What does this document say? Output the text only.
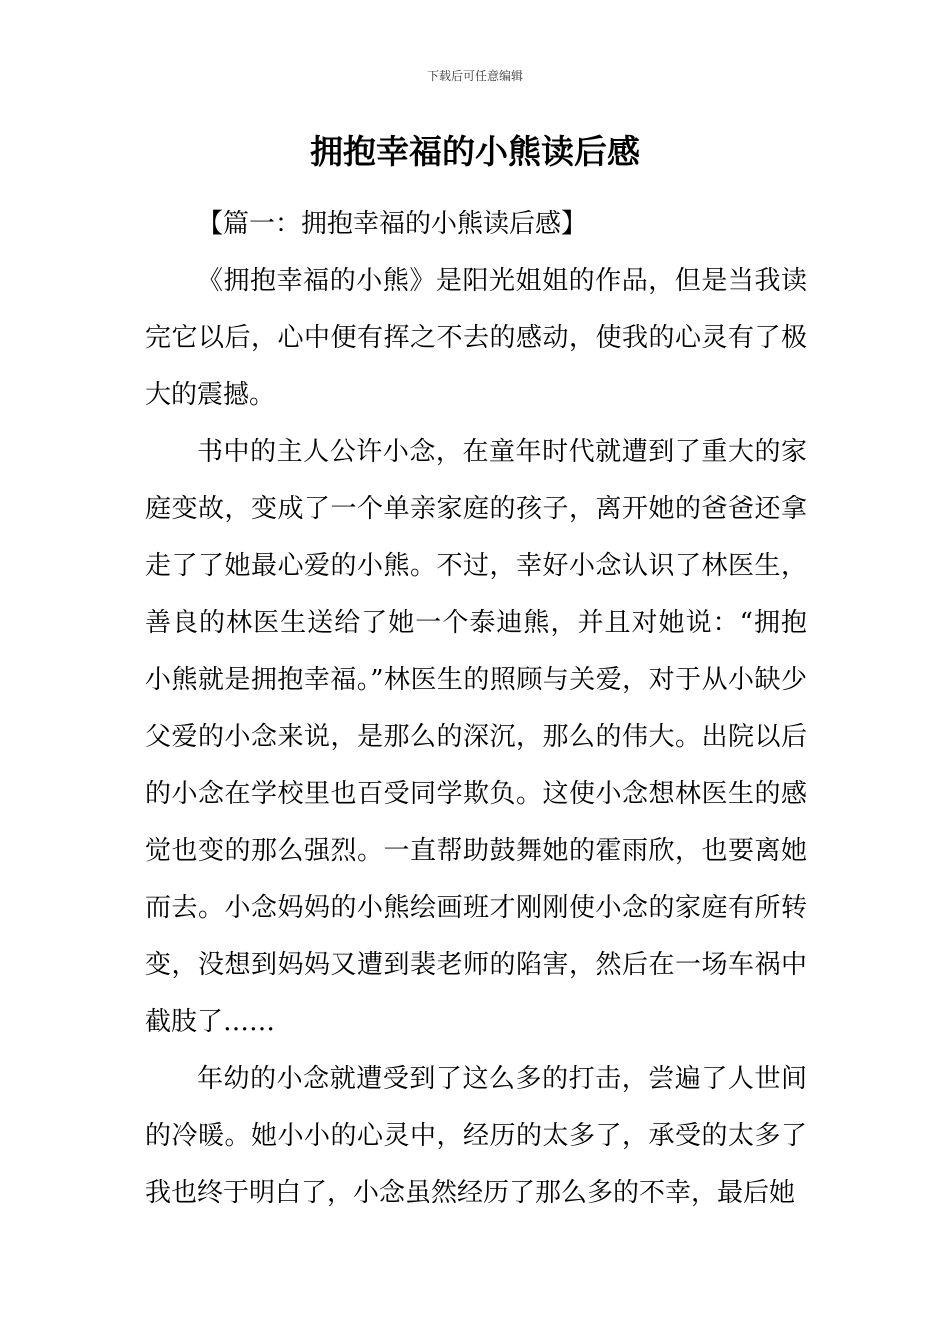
下载后可任意编辑
拥抱幸福的小熊读后感
【篇一：拥抱幸福的小熊读后感】

《拥抱幸福的小熊》是阳光姐姐的作品，但是当我读完它以后，心中便有挥之不去的感动，使我的心灵有了极大的震撼。

书中的主人公许小念，在童年时代就遭到了重大的家庭变故，变成了一个单亲家庭的孩子，离开她的爸爸还拿走了了她最心爱的小熊。不过，幸好小念认识了林医生，善良的林医生送给了她一个泰迪熊，并且对她说：“拥抱小熊就是拥抱幸福。”林医生的照顾与关爱，对于从小缺少父爱的小念来说，是那么的深沉，那么的伟大。出院以后的小念在学校里也百受同学欺负。这使小念想林医生的感觉也变的那么强烈。一直帮助鼓舞她的霍雨欣，也要离她而去。小念妈妈的小熊绘画班才刚刚使小念的家庭有所转变，没想到妈妈又遭到裴老师的陷害，然后在一场车祸中截肢了……

年幼的小念就遭受到了这么多的打击，尝遍了人世间的冷暖。她小小的心灵中，经历的太多了，承受的太多了我也终于明白了，小念虽然经历了那么多的不幸，最后她
